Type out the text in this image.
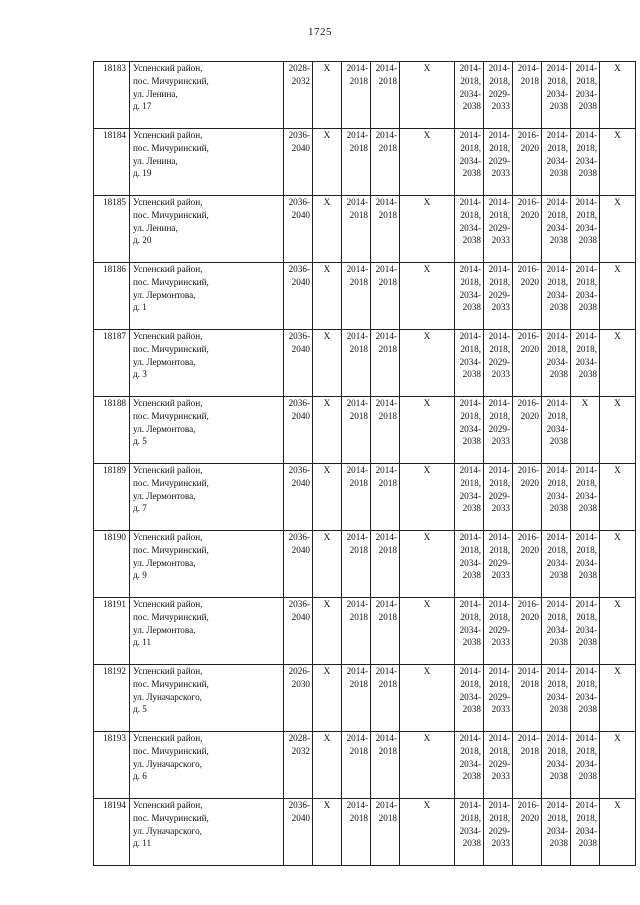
1725
18183	Успенский район,
пос. Мичуринский,
ул. Ленина,
д. 17	2028-
2032	Х	2014-
2018	2014-
2018	Х	2014-
2018,
2034-
2038	2014-
2018,
2029-
2033	2014-
2018	2014-
2018,
2034-
2038	2014-
2018,
2034-
2038	Х
18184	Успенский район,
пос. Мичуринский,
ул. Ленина,
д. 19	2036-
2040	Х	2014-
2018	2014-
2018	Х	2014-
2018,
2034-
2038	2014-
2018,
2029-
2033	2016-
2020	2014-
2018,
2034-
2038	2014-
2018,
2034-
2038	Х
18185	Успенский район,
пос. Мичуринский,
ул. Ленина,
д. 20	2036-
2040	Х	2014-
2018	2014-
2018	Х	2014-
2018,
2034-
2038	2014-
2018,
2029-
2033	2016-
2020	2014-
2018,
2034-
2038	2014-
2018,
2034-
2038	Х
18186	Успенский район,
пос. Мичуринский,
ул. Лермонтова,
д. 1	2036-
2040	Х	2014-
2018	2014-
2018	Х	2014-
2018,
2034-
2038	2014-
2018,
2029-
2033	2016-
2020	2014-
2018,
2034-
2038	2014-
2018,
2034-
2038	Х
18187	Успенский район,
пос. Мичуринский,
ул. Лермонтова,
д. 3	2036-
2040	Х	2014-
2018	2014-
2018	Х	2014-
2018,
2034-
2038	2014-
2018,
2029-
2033	2016-
2020	2014-
2018,
2034-
2038	2014-
2018,
2034-
2038	Х
18188	Успенский район,
пос. Мичуринский,
ул. Лермонтова,
д. 5	2036-
2040	Х	2014-
2018	2014-
2018	Х	2014-
2018,
2034-
2038	2014-
2018,
2029-
2033	2016-
2020	2014-
2018,
2034-
2038	Х	Х
18189	Успенский район,
пос. Мичуринский,
ул. Лермонтова,
д. 7	2036-
2040	Х	2014-
2018	2014-
2018	Х	2014-
2018,
2034-
2038	2014-
2018,
2029-
2033	2016-
2020	2014-
2018,
2034-
2038	2014-
2018,
2034-
2038	Х
18190	Успенский район,
пос. Мичуринский,
ул. Лермонтова,
д. 9	2036-
2040	Х	2014-
2018	2014-
2018	Х	2014-
2018,
2034-
2038	2014-
2018,
2029-
2033	2016-
2020	2014-
2018,
2034-
2038	2014-
2018,
2034-
2038	Х
18191	Успенский район,
пос. Мичуринский,
ул. Лермонтова,
д. 11	2036-
2040	Х	2014-
2018	2014-
2018	Х	2014-
2018,
2034-
2038	2014-
2018,
2029-
2033	2016-
2020	2014-
2018,
2034-
2038	2014-
2018,
2034-
2038	Х
18192	Успенский район,
пос. Мичуринский,
ул. Луначарского,
д. 5	2026-
2030	Х	2014-
2018	2014-
2018	Х	2014-
2018,
2034-
2038	2014-
2018,
2029-
2033	2014-
2018	2014-
2018,
2034-
2038	2014-
2018,
2034-
2038	Х
18193	Успенский район,
пос. Мичуринский,
ул. Луначарского,
д. 6	2028-
2032	Х	2014-
2018	2014-
2018	Х	2014-
2018,
2034-
2038	2014-
2018,
2029-
2033	2014-
2018	2014-
2018,
2034-
2038	2014-
2018,
2034-
2038	Х
18194	Успенский район,
пос. Мичуринский,
ул. Луначарского,
д. 11	2036-
2040	Х	2014-
2018	2014-
2018	Х	2014-
2018,
2034-
2038	2014-
2018,
2029-
2033	2016-
2020	2014-
2018,
2034-
2038	2014-
2018,
2034-
2038	Х
